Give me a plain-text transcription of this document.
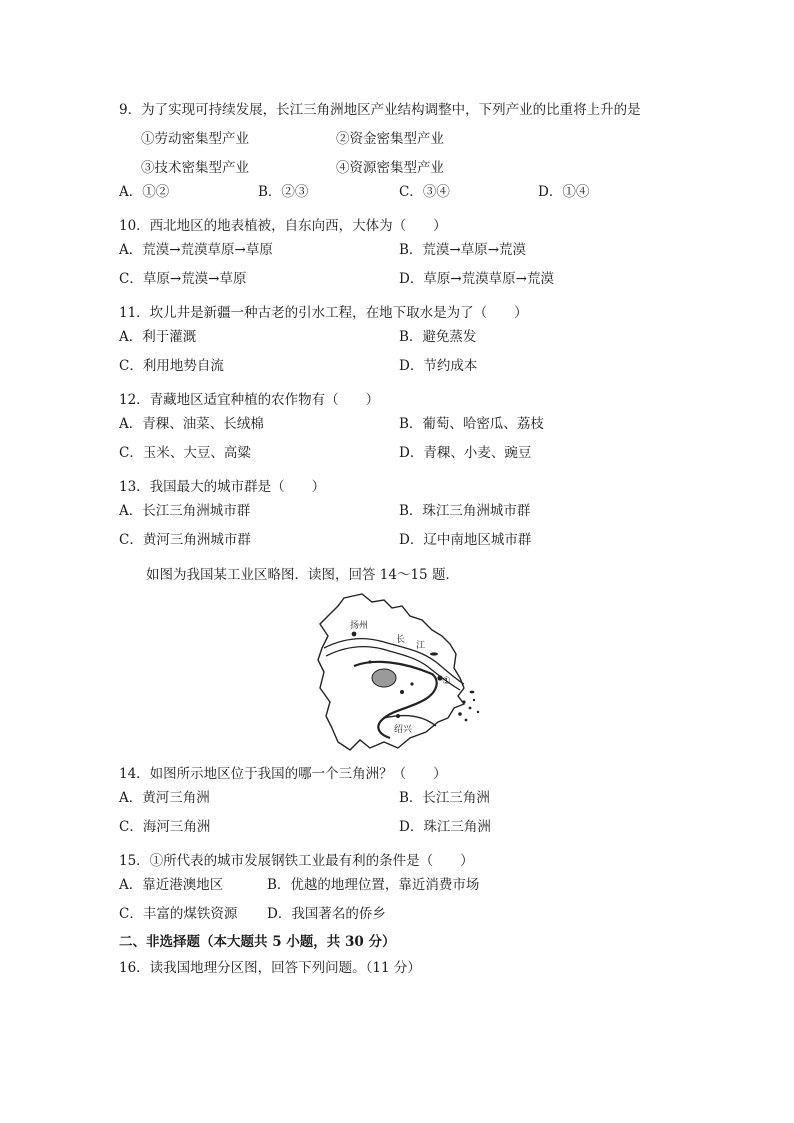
9．为了实现可持续发展，长江三角洲地区产业结构调整中，下列产业的比重将上升的是
①劳动密集型产业	②资金密集型产业
③技术密集型产业	④资源密集型产业
A．①②	B．②③	C．③④	D．①④
10．西北地区的地表植被，自东向西，大体为（　　）
A．荒漠→荒漠草原→草原	B．荒漠→草原→荒漠
C．草原→荒漠→草原	D．草原→荒漠草原→荒漠
11．坎儿井是新疆一种古老的引水工程，在地下取水是为了（　　）
A．利于灌溉	B．避免蒸发
C．利用地势自流	D．节约成本
12．青藏地区适宜种植的农作物有（　　）
A．青稞、油菜、长绒棉	B．葡萄、哈密瓜、荔枝
C．玉米、大豆、高粱	D．青稞、小麦、豌豆
13．我国最大的城市群是（　　）
A．长江三角洲城市群	B．珠江三角洲城市群
C．黄河三角洲城市群	D．辽中南地区城市群
如图为我国某工业区略图．读图，回答 14～15 题．
扬州
长
江
①
绍兴
14．如图所示地区位于我国的哪一个三角洲？（　　）
A．黄河三角洲	B．长江三角洲
C．海河三角洲	D．珠江三角洲
15．①所代表的城市发展钢铁工业最有利的条件是（　　）
A．靠近港澳地区	B．优越的地理位置，靠近消费市场
C．丰富的煤铁资源 D．我国著名的侨乡
二、非选择题（本大题共 5 小题，共 30 分）
16．读我国地理分区图，回答下列问题。（11 分）
